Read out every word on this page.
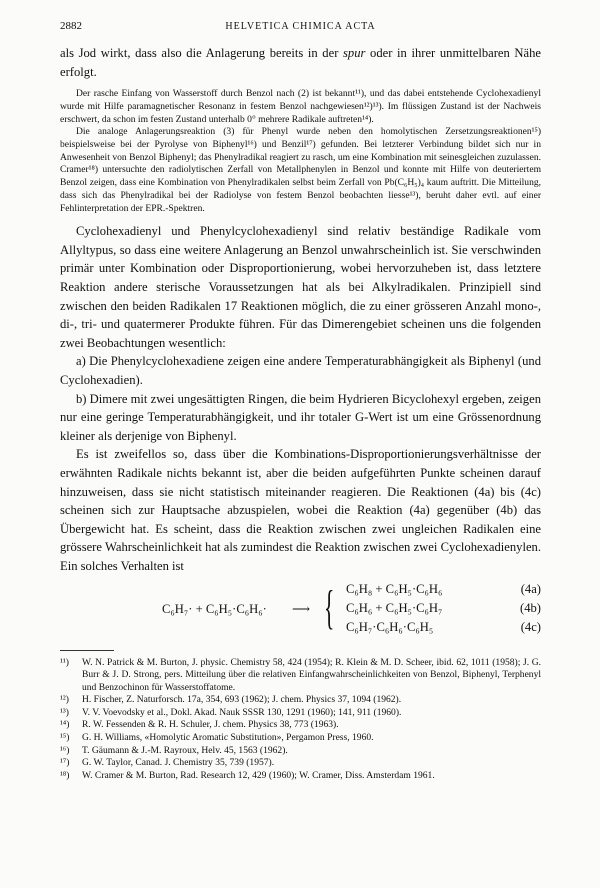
2882	HELVETICA CHIMICA ACTA

als Jod wirkt, dass also die Anlagerung bereits in der spur oder in ihrer unmittelbaren Nähe erfolgt.

Der rasche Einfang von Wasserstoff durch Benzol nach (2) ist bekannt¹¹), und das dabei entstehende Cyclohexadienyl wurde mit Hilfe paramagnetischer Resonanz in festem Benzol nachgewiesen¹²)¹³). Im flüssigen Zustand ist der Nachweis erschwert, da schon im festen Zustand unterhalb 0° mehrere Radikale auftreten¹⁴).

Die analoge Anlagerungsreaktion (3) für Phenyl wurde neben den homolytischen Zersetzungsreaktionen¹⁵) beispielsweise bei der Pyrolyse von Biphenyl¹⁶) und Benzil¹⁷) gefunden. Bei letzterer Verbindung bildet sich nur in Anwesenheit von Benzol Biphenyl; das Phenylradikal reagiert zu rasch, um eine Kombination mit seinesgleichen zuzulassen. Cramer¹⁸) untersuchte den radiolytischen Zerfall von Metallphenylen in Benzol und konnte mit Hilfe von deuteriertem Benzol zeigen, dass eine Kombination von Phenylradikalen selbst beim Zerfall von Pb(C₆H₅)₄ kaum auftritt. Die Mitteilung, dass sich das Phenylradikal bei der Radiolyse von festem Benzol beobachten liesse¹³), beruht daher evtl. auf einer Fehlinterpretation der EPR.-Spektren.

Cyclohexadienyl und Phenylcyclohexadienyl sind relativ beständige Radikale vom Allyltypus, so dass eine weitere Anlagerung an Benzol unwahrscheinlich ist. Sie verschwinden primär unter Kombination oder Disproportionierung, wobei hervorzuheben ist, dass letztere Reaktion andere sterische Voraussetzungen hat als bei Alkylradikalen. Prinzipiell sind zwischen den beiden Radikalen 17 Reaktionen möglich, die zu einer grösseren Anzahl mono-, di-, tri- und quatermerer Produkte führen. Für das Dimerengebiet scheinen uns die folgenden zwei Beobachtungen wesentlich:

a) Die Phenylcyclohexadiene zeigen eine andere Temperaturabhängigkeit als Biphenyl (und Cyclohexadien).

b) Dimere mit zwei ungesättigten Ringen, die beim Hydrieren Bicyclohexyl ergeben, zeigen nur eine geringe Temperaturabhängigkeit, und ihr totaler G-Wert ist um eine Grössenordnung kleiner als derjenige von Biphenyl.

Es ist zweifellos so, dass über die Kombinations-Disproportionierungsverhältnisse der erwähnten Radikale nichts bekannt ist, aber die beiden aufgeführten Punkte scheinen darauf hinzuweisen, dass sie nicht statistisch miteinander reagieren. Die Reaktionen (4a) bis (4c) scheinen sich zur Hauptsache abzuspielen, wobei die Reaktion (4a) gegenüber (4b) das Übergewicht hat. Es scheint, dass die Reaktion zwischen zwei ungleichen Radikalen eine grössere Wahrscheinlichkeit hat als zumindest die Reaktion zwischen zwei Cyclohexadienylen. Ein solches Verhalten ist

C₆H₇· + C₆H₅·C₆H₆· ⟶ { C₆H₈ + C₆H₅·C₆H₆	(4a)
C₆H₆ + C₆H₅·C₆H₇	(4b)
C₆H₇·C₆H₆·C₆H₅	(4c)
¹¹) W. N. Patrick & M. Burton, J. physic. Chemistry 58, 424 (1954); R. Klein & M. D. Scheer, ibid. 62, 1011 (1958); J. G. Burr & J. D. Strong, pers. Mitteilung über die relativen Einfangwahrscheinlichkeiten von Benzol, Biphenyl, Terphenyl und Benzochinon für Wasserstoffatome.
¹²) H. Fischer, Z. Naturforsch. 17a, 354, 693 (1962); J. chem. Physics 37, 1094 (1962).
¹³) V. V. Voevodsky et al., Dokl. Akad. Nauk SSSR 130, 1291 (1960); 141, 911 (1960).
¹⁴) R. W. Fessenden & R. H. Schuler, J. chem. Physics 38, 773 (1963).
¹⁵) G. H. Williams, «Homolytic Aromatic Substitution», Pergamon Press, 1960.
¹⁶) T. Gäumann & J.-M. Rayroux, Helv. 45, 1563 (1962).
¹⁷) G. W. Taylor, Canad. J. Chemistry 35, 739 (1957).
¹⁸) W. Cramer & M. Burton, Rad. Research 12, 429 (1960); W. Cramer, Diss. Amsterdam 1961.
